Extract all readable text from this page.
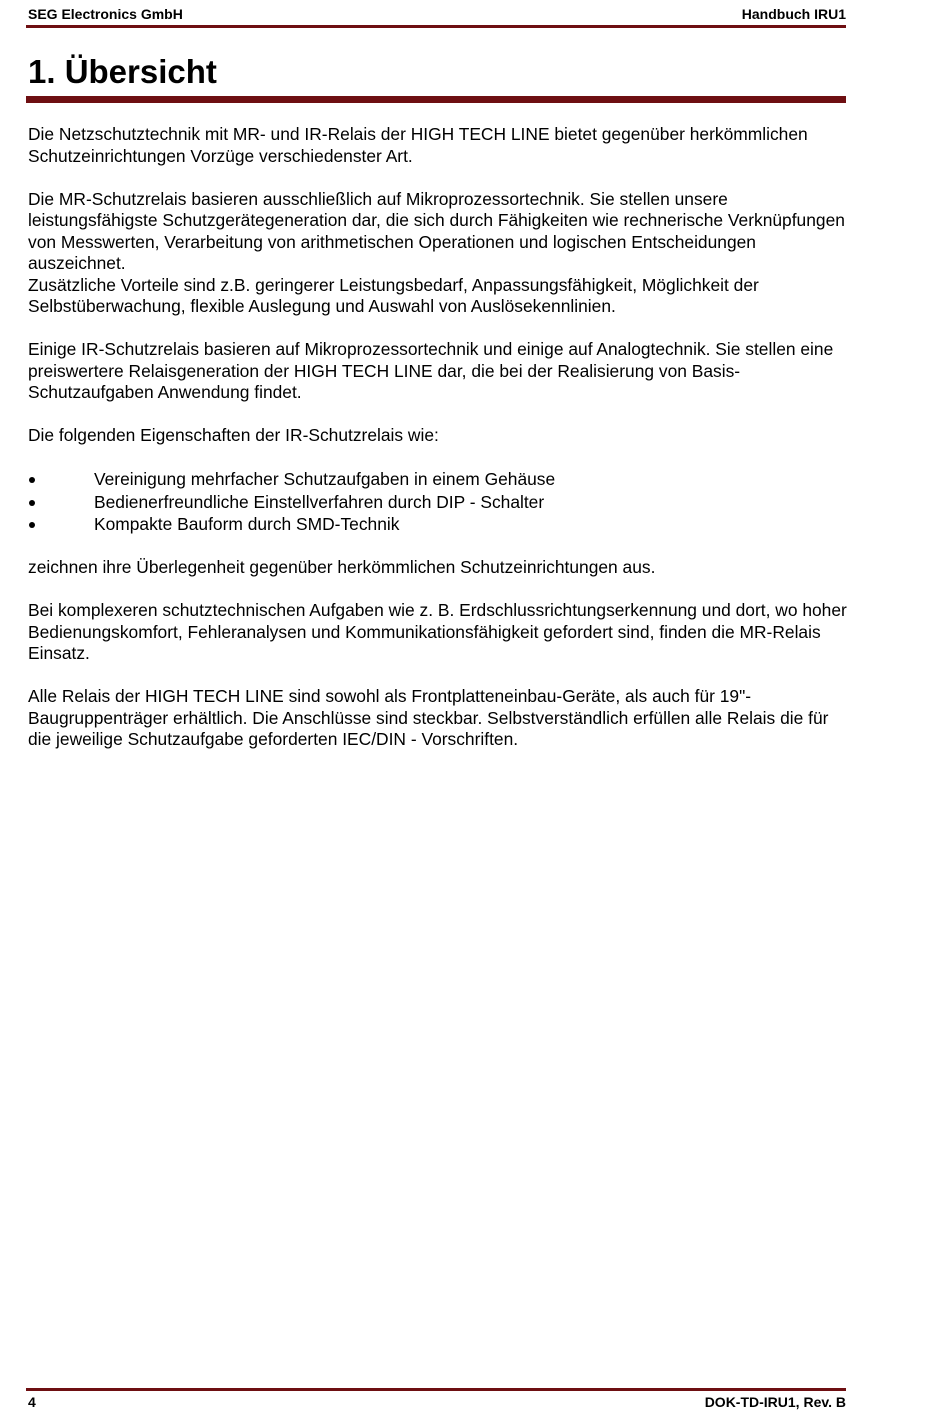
SEG Electronics GmbH	Handbuch IRU1
1. Übersicht

Die Netzschutztechnik mit MR- und IR-Relais der HIGH TECH LINE bietet gegenüber herkömmlichen Schutzeinrichtungen Vorzüge verschiedenster Art.

Die MR-Schutzrelais basieren ausschließlich auf Mikroprozessortechnik. Sie stellen unsere leistungsfähigste Schutzgerätegeneration dar, die sich durch Fähigkeiten wie rechnerische Verknüpfungen von Messwerten, Verarbeitung von arithmetischen Operationen und logischen Entscheidungen auszeichnet.

Zusätzliche Vorteile sind z.B. geringerer Leistungsbedarf, Anpassungsfähigkeit, Möglichkeit der Selbstüberwachung, flexible Auslegung und Auswahl von Auslösekennlinien.

Einige IR-Schutzrelais basieren auf Mikroprozessortechnik und einige auf Analogtechnik. Sie stellen eine preiswertere Relaisgeneration der HIGH TECH LINE dar, die bei der Realisierung von Basis-Schutzaufgaben Anwendung findet.

Die folgenden Eigenschaften der IR-Schutzrelais wie:

Vereinigung mehrfacher Schutzaufgaben in einem Gehäuse
Bedienerfreundliche Einstellverfahren durch DIP - Schalter
Kompakte Bauform durch SMD-Technik

zeichnen ihre Überlegenheit gegenüber herkömmlichen Schutzeinrichtungen aus.

Bei komplexeren schutztechnischen Aufgaben wie z. B. Erdschlussrichtungserkennung und dort, wo hoher Bedienungskomfort, Fehleranalysen und Kommunikationsfähigkeit gefordert sind, finden die MR-Relais Einsatz.

Alle Relais der HIGH TECH LINE sind sowohl als Frontplatteneinbau-Geräte, als auch für 19"-Baugruppenträger erhältlich. Die Anschlüsse sind steckbar. Selbstverständlich erfüllen alle Relais die für die jeweilige Schutzaufgabe geforderten IEC/DIN - Vorschriften.

4	DOK-TD-IRU1, Rev. B
